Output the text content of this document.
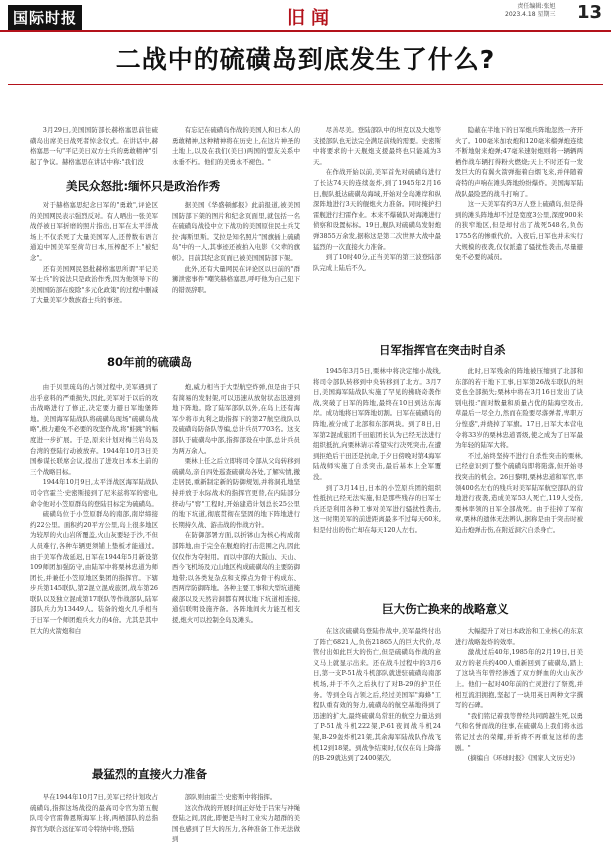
国际时报	旧闻
责任编辑:张旭
2023.4.18 星期三 13
二战中的硫磺岛到底发生了什么?

3月29日,美国国防部长赫格塞思前往硫磺岛出席美日战死者悼念仪式。在讲话中,赫格塞思一句"平记美日双方士兵的勇敢精神"引起了争议。赫格塞思在讲话中称:"我们没

有忘记在硫磺岛作战的美国人和日本人的勇敢精神,这种精神将在历史上,在这片神圣的土地上,以及在我们(美日)两国的盟友关系中永垂不朽。他们的美勇永不褪色。"

美民众怒批:缅怀只是政治作秀

对于赫格塞思纪念日军的"勇敢",评论区的美国网民表示强烈反对。有人晒出一张美军战俘被日军折磨的照片指出,日军在太平洋战场上不仅杀死了大量美国军人,还曾数布语言通迫中国美军至荷苛日本,压榨配不上"被纪念"。

还有美国网民怒批赫格塞思所谓"平记美军士兵"的说法只是政治作秀,因为他领导下的美国国防部在废除"多元化政策"的过程中删减了大量美军少数族裔士兵的事迹。

据美国《华盛顿邮报》此前报道,被美国国防部下架的图片和纪念页面里,就包括一名在硫磺岛战役中立下战功的美国原住民士兵艾拉·海斯里斯。艾拉是知名照片"国旗插上硫磺岛"中的一人,其事迹还被拍入电影《父辈的旗帜》。目前其纪念页面已被美国国防部下架。

此外,还有大量网民在评论区以日前的"群狮泄密事件"嘲笑赫格塞思,呼吁他为自己犯下的错误辞职。

80年前的硫磺岛

由于贝里琉岛的占领过程中,美军遇到了出乎意料的严重损失,因此,美军对于以后的攻击战略进行了修正,决定要力避日军地堡阵地。美国海军陆战队将硫磺岛现场"硫磺岛战略",极力避免不必要的攻坚作战,将"蛙跳"的幅度进一步扩展。于是,原来计划对梅兰岩岛及台湾的登陆行动被放弃。1944年10月3日美国参谋长联席会议,提出了进攻日本本土前的三个战略目标。

1944年10月9日,太平洋战区海军陆战队司令官霍兰·史密斯接到了尼米兹将军的密电,命令他对小笠原群岛的登陆目标定为硫磺岛。

硫磺岛位于小笠原群岛的南部,南岸缔接约22公里。面积约20平方公里,岛上很多地区为较厚的火山岩所覆盖,火山灰要轻于沙,不但人员难行,各种车辆更须铺上垫板才能通过。由于美军作战延迟,日军在1944年5月新设第109师团加强防守,由陆军中将栗林忠道为师团长,并兼任小笠原地区集团的指挥官。下辖步兵第145联队,第2混立混成旅团,战车第26联队以及独立混成第17联队等作战部队,陆军部队兵力为13449人。装备的炮火几乎相当于日军一个师团炮兵火力的4倍。尤其是其中巨大的火箭炮和白

炮,威力相当于大型航空炸弹,但是由于只有简易的发射架,可以迅速从放射状态迅速到地下阵地。除了陆军部队以外,在岛上还有海军少将市丸利之助指挥下的第27航空战队以及硫磺岛防备队等编,总计兵员7703名。这支部队于硫磺岛中部,指挥部设在中部,总计兵员为两万余人。

栗林上任之后立即将司令部从父岛转移到硫磺岛,亲自四处巡查硫磺岛各处,了解实情,撤走居民,重新制定新的防御规划,并将洞孔地坚持并放于水际战术的指挥官更替,在内陆部分挤动与"窖"工程时,开始建造计划总长25公里的地下坑道,彻底贯彻在坚固的地下阵地进行长期持久战、游击战的作战方针。

在防御部署方面,以折钵山为核心构成南部阵地,由于完全在舰炮的打击范围之内,因此仅仅作为夺射用。而以中部的大阪山、天山、西今飞机场及元山地区构成硫磺岛的主要防御地带;以各类复杂点和支撑点为骨干构成东、西两岸防御阵地。各种主要工事和大型坑道掩蔽部以及天然岩洞都有网状地下坑道相连接,通信联明设施齐备。各阵地间火力能互相支援,炮火可以控制全岛及滩头。

最猛烈的直接火力准备

早在1944年10月7日,美军已经计划攻占硫磺岛,指挥这场战役的最高司令官为第五舰队司令官雷鲁恩斯海军上将,两栖部队的总指挥官为联合远征军司令特纳中将,登陆

部队则由霍兰·史密斯中将指挥。

这次作战的开展时间正好处于吕宋与冲绳登陆之间,因此,即便是当时工业实力超群的美国也感到了巨大的压力,各种准备工作无法做到

尽善尽美。登陆部队中的坦克以及大炮等支援部队也无法完全满足前线的需要。史密斯中将要求的十天舰炮支援最终也只能减为3天。

在作战开始以前,美军首先对硫磺岛进行了长达74天的连续轰炸,到了1945年2月16日,舰队抵达硫磺岛海域,开始对全岛滩岸和纵深阵地进行3天的舰炮火力准备。同时掩护扫雷舰进行扫雷作业。本来不爆破队对海滩进行侦察和设置标标。19日,舰队对硫磺岛发射炮弹3855万余发,据称这是第二次世界大战中最猛烈的一次直接火力准备。

到了10时40分,正当美军的第三波登陆部队完成上陆后不久,

隐蔽在半地下的日军炮兵阵地忽然一齐开火了。100毫米加农炮和120毫米榴弹炮连续不断地射来炮弹;47毫米速射炮则将一辆辆两栖作战车辆打得粉火燃烧;天上不时还有一发发巨大的有翼火箭弹拖着白烟飞来,并伴随着奇特的声响在滩头阵地纷纷爆炸。美国海军陆战队最险恶的战斗打响了。

这一天美军有约3万人登上硫磺岛,但是得到的滩头阵地却不过是宽度3公里,深度900米的狭窄地区,但是却付出了战死548名,负伤1755名的惨重代价。入夜后,日军也并未实行大规模的夜袭,仅仅派遣了骚扰性袭击,尽量避免不必要的减员。

日军指挥官在突击时自杀

1945年3月5日,栗林中将决定缩小战线,将司令部队转移到中央转移到了北方。3月7日,美国海军陆战队实施了罕见的拂晓奇袭作战,突破了日军的阵地,最终在10日到达东海岸。成功地将日军阵地切割。日军在硫磺岛的阵地,被分成了北部和东部两块。到了8日,日军第2混成旅团千田旅团长认为已经无法进行组织抵抗,向栗林请示希望实行决死突击,在遭到拒绝后干田还是抗命,于夕日傍晚对第4海军陆战师实施了自杀突击,最后基本上全军覆没。

到了3月14日,日本的小笠原兵团的组织性抵抗已经无法实施,但是那些残存的日军士兵还是利用各种工事对美军进行骚扰性袭击,这一时期美军的前进距离最多不过每天60米,但是付出的伤亡却在每天120人左右。

此时,日军残余的阵地被压缩到了北部和东部的若干地下工事,日军第26战车联队的坦克也全部损失;栗林中将在3月16日发出了诀别电报:"面对数量和质量占优的陆海空攻击,草最后一尽全力,然而在险要尽落弹者,卑职万分惶惑",并烧掉了军旗。17日,日军大本营电令将33岁的栗林忠道晋级,使之成为了日军最为年轻的陆军大将。

不过,始终坚持不进行自杀性突击的栗林,已经意识到了整个硫磺岛即将陷落,但开始寻找突击的机会。26日黎明,栗林忠道和军官,率领400名左右的残兵对美军陆军航空部队的营地进行夜袭,造成美军53人死亡,119人受伤,栗林率领的日军全部战死。由于挂掉了军衔章,栗林的遗体无法辨认,据称是由于突击时被迫击炮弹击伤,在附近洞穴自杀身亡。

巨大伤亡换来的战略意义

在这次硫磺岛登陆作战中,美军最终付出了阵亡6821人,负伤21865人的巨大代价,尽管付出如此巨大的伤亡,但是硫磺岛作战的意义马上就显示出来。还在战斗过程中的3月6日,第一支P-51战斗机部队就进驻硫磺岛南部机场,并于不久之后执行了对B-29的护卫任务。等到全岛占领之后,经过美国军"海蜂"工程队重有效的努力,硫磺岛的航空基地得到了迅速的扩大,最终硫磺岛常驻的航空力量达到了P-51战斗机222架,P-61夜间战斗机24架,B-29轰炸机21架,其余海军陆战队作战飞机12到18架。到战争结束时,仅仅在岛上降落的B-29就达到了2400架次,

大幅提升了对日本政治和工业核心的东京进行战略轰炸的效率。

激战过后40年,1985年的2月19日,日美双方的老兵约400人重新回到了硫磺岛,踏上了这块当年曾经渗透了双方鲜血的火山灰沙上。他们一起对40年前的亡灵进行了祭奠,并相互流泪拥抱,坚起了一块用英日两种文字撰写的石碑。

"我们铭记着我等曾经共同跨越生死,以勇气和名誉而战的往事,在硫磺岛上我们将永远铭记过去的荣耀,并祈祷不再重复这样的悲剧。"

(摘编自《环球时报》《国家人文历史》)
